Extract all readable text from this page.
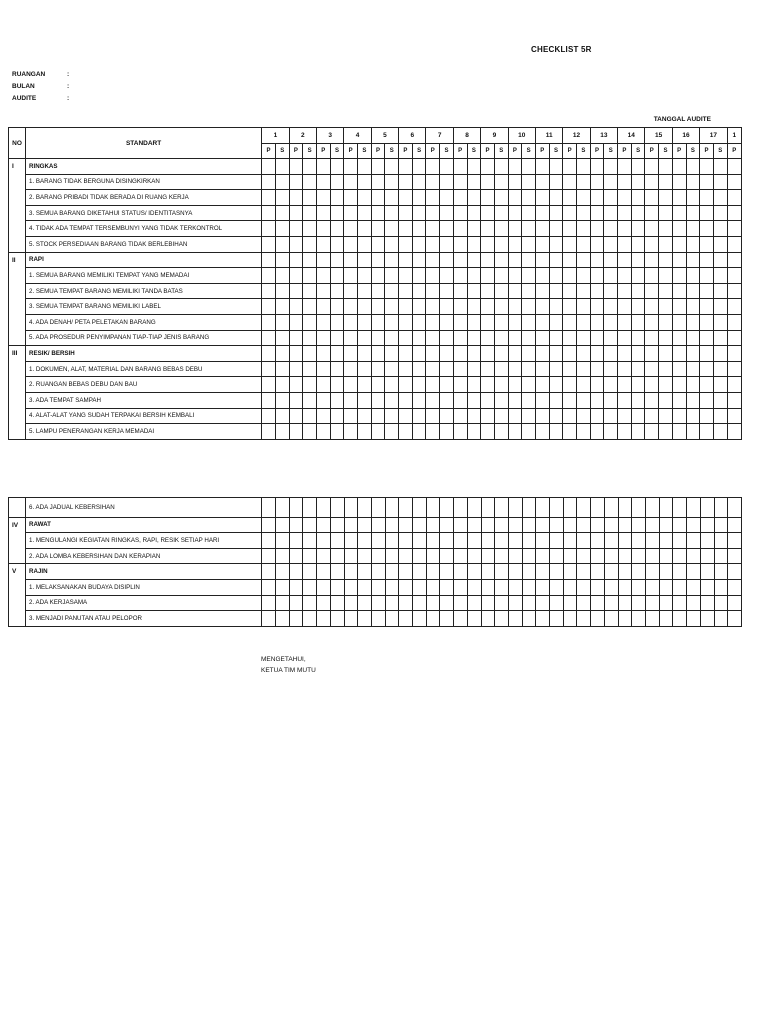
CHECKLIST 5R
RUANGAN	:
BULAN	:
AUDITE	:
		TANGGAL AUDITE																																		
NO	STANDART	1		2		3		4		5		6		7		8		9		10		11		12		13		14		15		16		17		1
		P	S	P	S	P	S	P	S	P	S	P	S	P	S	P	S	P	S	P	S	P	S	P	S	P	S	P	S	P	S	P	S	P	S	P
I	RINGKAS																																			
	1. BARANG TIDAK BERGUNA DISINGKIRKAN																																			
	2. BARANG PRIBADI TIDAK BERADA DI RUANG KERJA																																			
	3. SEMUA BARANG DIKETAHUI STATUS/ IDENTITASNYA																																			
	4. TIDAK ADA TEMPAT TERSEMBUNYI YANG TIDAK TERKONTROL																																			
	5. STOCK PERSEDIAAN BARANG TIDAK BERLEBIHAN																																			
II	RAPI																																			
	1. SEMUA BARANG MEMILIKI TEMPAT YANG MEMADAI																																			
	2. SEMUA TEMPAT BARANG MEMILIKI TANDA BATAS																																			
	3. SEMUA TEMPAT BARANG MEMILIKI LABEL																																			
	4. ADA DENAH/ PETA PELETAKAN BARANG																																			
	5. ADA PROSEDUR PENYIMPANAN TIAP-TIAP JENIS BARANG																																			
III	RESIK/ BERSIH																																			
	1. DOKUMEN, ALAT, MATERIAL DAN BARANG BEBAS DEBU																																			
	2. RUANGAN BEBAS DEBU DAN BAU																																			
	3. ADA TEMPAT SAMPAH																																			
	4. ALAT-ALAT YANG SUDAH TERPAKAI BERSIH KEMBALI																																			
	5. LAMPU PENERANGAN KERJA MEMADAI																																			
	6. ADA JADUAL KEBERSIHAN																																			
IV	RAWAT																																			
	1. MENGULANGI KEGIATAN RINGKAS, RAPI, RESIK SETIAP HARI																																			
	2. ADA LOMBA KEBERSIHAN DAN KERAPIAN																																			
V	RAJIN																																			
	1. MELAKSANAKAN BUDAYA DISIPLIN																																			
	2. ADA KERJASAMA																																			
	3. MENJADI PANUTAN ATAU PELOPOR																																			
MENGETAHUI,
KETUA TIM MUTU
